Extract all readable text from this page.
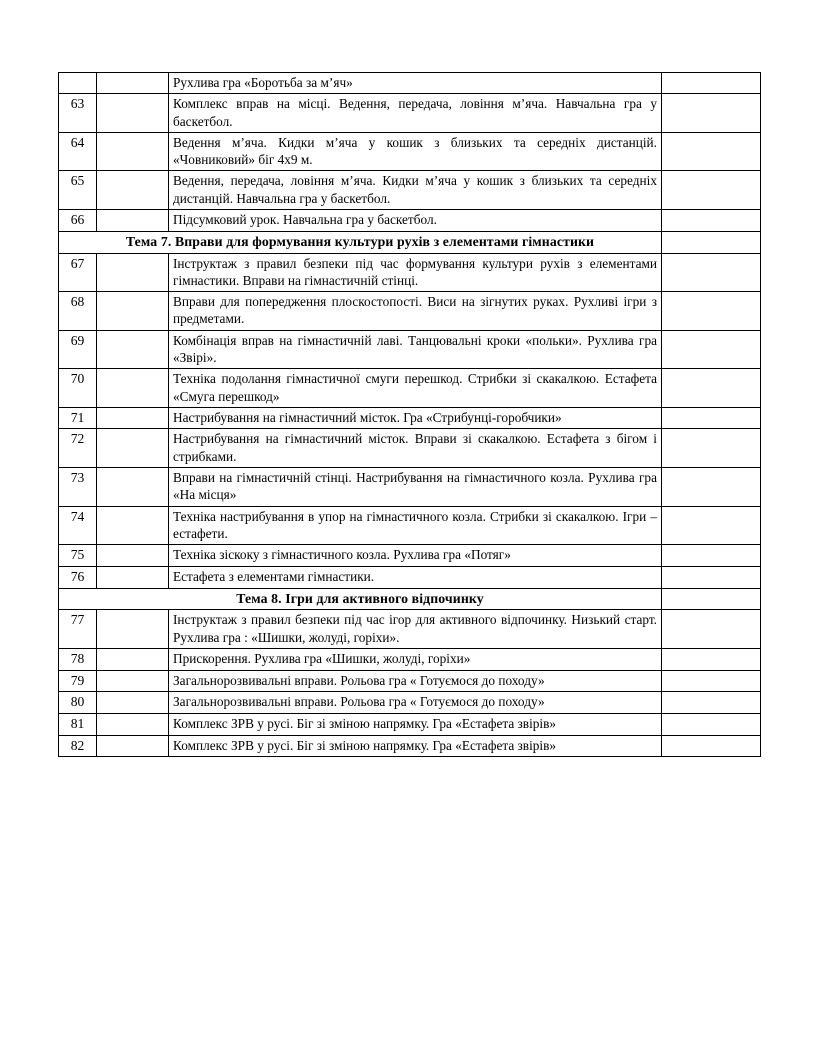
		Рухлива гра «Боротьба за м’яч»	
63		Комплекс вправ на місці. Ведення, передача, ловіння м’яча. Навчальна гра у баскетбол.	
64		Ведення м’яча. Кидки м’яча у кошик з близьких та середніх дистанцій. «Човниковий» біг 4х9 м.	
65		Ведення, передача, ловіння м’яча. Кидки м’яча у кошик з близьких та середніх дистанцій. Навчальна гра у баскетбол.	
66		Підсумковий урок. Навчальна гра у баскетбол.	
Тема 7. Вправи для формування культури рухів з елементами гімнастики			
67		Інструктаж з правил безпеки під час формування культури рухів з елементами гімнастики. Вправи на гімнастичній стінці.	
68		Вправи для попередження плоскостопості. Виси на зігнутих руках. Рухливі ігри з предметами.	
69		Комбінація вправ на гімнастичній лаві. Танцювальні кроки «польки». Рухлива гра «Звірі».	
70		Техніка подолання гімнастичної смуги перешкод. Стрибки зі скакалкою. Естафета «Смуга перешкод»	
71		Настрибування на гімнастичний місток. Гра «Стрибунці-горобчики»	
72		Настрибування на гімнастичний місток. Вправи зі скакалкою. Естафета з бігом і стрибками.	
73		Вправи на гімнастичній стінці. Настрибування на гімнастичного козла. Рухлива гра «На місця»	
74		Техніка настрибування в упор на гімнастичного козла. Стрибки зі скакалкою. Ігри – естафети.	
75		Техніка зіскоку з гімнастичного козла. Рухлива гра «Потяг»	
76		Естафета з елементами гімнастики.	
Тема 8. Ігри для активного відпочинку			
77		Інструктаж з правил безпеки під час ігор для активного відпочинку. Низький старт. Рухлива гра : «Шишки, жолуді, горіхи».	
78		Прискорення. Рухлива гра «Шишки, жолуді, горіхи»	
79		Загальнорозвивальні вправи. Рольова гра « Готуємося до походу»	
80		Загальнорозвивальні вправи. Рольова гра « Готуємося до походу»	
81		Комплекс ЗРВ у русі. Біг зі зміною напрямку. Гра «Естафета звірів»	
82		Комплекс ЗРВ у русі. Біг зі зміною напрямку. Гра «Естафета звірів»	
